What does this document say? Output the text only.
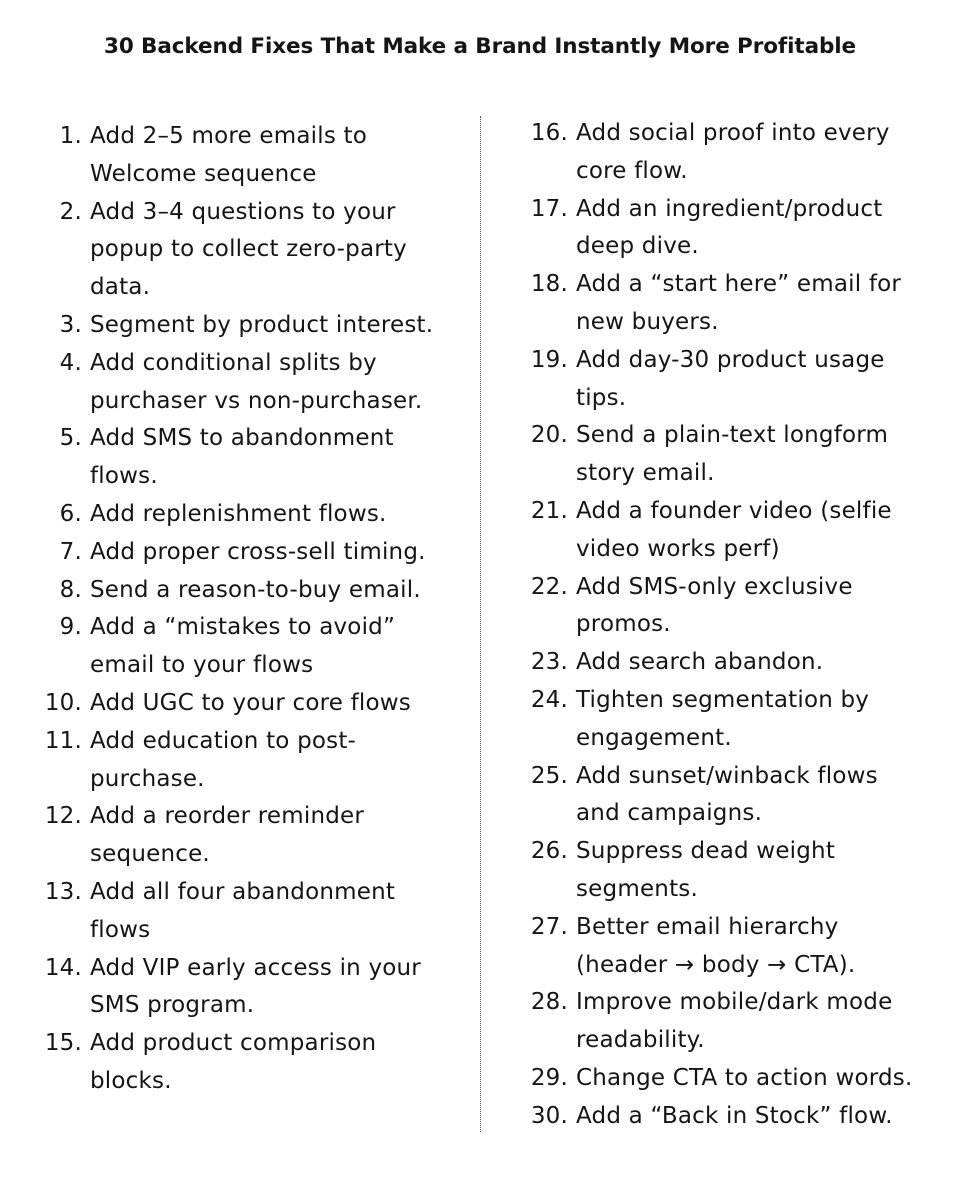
30 Backend Fixes That Make a Brand Instantly More Profitable
1. Add 2–5 more emails to Welcome sequence
2. Add 3–4 questions to your popup to collect zero-party data.
3. Segment by product interest.
4. Add conditional splits by purchaser vs non-purchaser.
5. Add SMS to abandonment flows.
6. Add replenishment flows.
7. Add proper cross-sell timing.
8. Send a reason-to-buy email.
9. Add a “mistakes to avoid” email to your flows
10. Add UGC to your core flows
11. Add education to post-purchase.
12. Add a reorder reminder sequence.
13. Add all four abandonment flows
14. Add VIP early access in your SMS program.
15. Add product comparison blocks.
16. Add social proof into every core flow.
17. Add an ingredient/product deep dive.
18. Add a “start here” email for new buyers.
19. Add day-30 product usage tips.
20. Send a plain-text longform story email.
21. Add a founder video (selfie video works perf)
22. Add SMS-only exclusive promos.
23. Add search abandon.
24. Tighten segmentation by engagement.
25. Add sunset/winback flows and campaigns.
26. Suppress dead weight segments.
27. Better email hierarchy (header → body → CTA).
28. Improve mobile/dark mode readability.
29. Change CTA to action words.
30. Add a “Back in Stock” flow.
